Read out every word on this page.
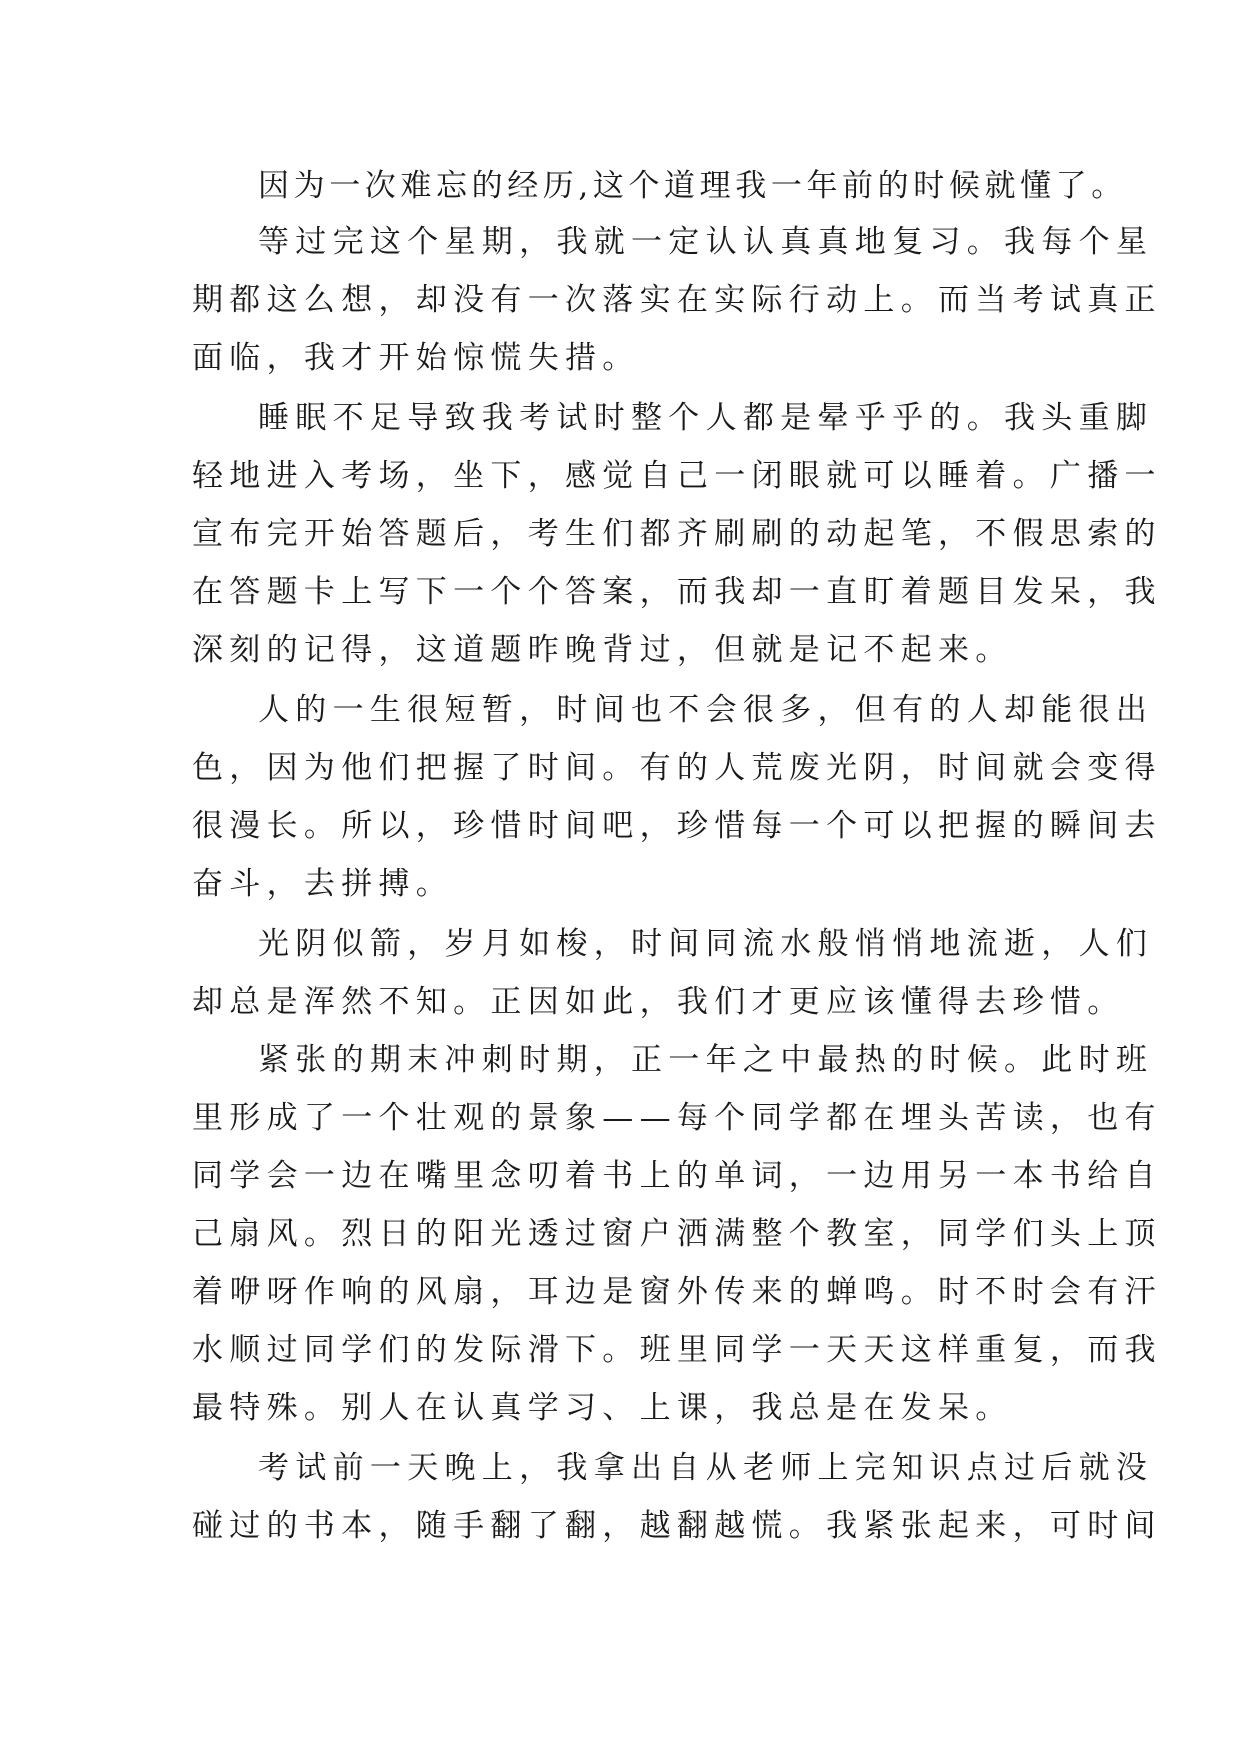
因为一次难忘的经历,这个道理我一年前的时候就懂了。
等过完这个星期，我就一定认认真真地复习。我每个星
期都这么想，却没有一次落实在实际行动上。而当考试真正
面临，我才开始惊慌失措。
睡眠不足导致我考试时整个人都是晕乎乎的。我头重脚
轻地进入考场，坐下，感觉自己一闭眼就可以睡着。广播一
宣布完开始答题后，考生们都齐刷刷的动起笔，不假思索的
在答题卡上写下一个个答案，而我却一直盯着题目发呆，我
深刻的记得，这道题昨晚背过，但就是记不起来。
人的一生很短暂，时间也不会很多，但有的人却能很出
色，因为他们把握了时间。有的人荒废光阴，时间就会变得
很漫长。所以，珍惜时间吧，珍惜每一个可以把握的瞬间去
奋斗，去拼搏。
光阴似箭，岁月如梭，时间同流水般悄悄地流逝，人们
却总是浑然不知。正因如此，我们才更应该懂得去珍惜。
紧张的期末冲刺时期，正一年之中最热的时候。此时班
里形成了一个壮观的景象——每个同学都在埋头苦读，也有
同学会一边在嘴里念叨着书上的单词，一边用另一本书给自
己扇风。烈日的阳光透过窗户洒满整个教室，同学们头上顶
着咿呀作响的风扇，耳边是窗外传来的蝉鸣。时不时会有汗
水顺过同学们的发际滑下。班里同学一天天这样重复，而我
最特殊。别人在认真学习、上课，我总是在发呆。
考试前一天晚上，我拿出自从老师上完知识点过后就没
碰过的书本，随手翻了翻，越翻越慌。我紧张起来，可时间
